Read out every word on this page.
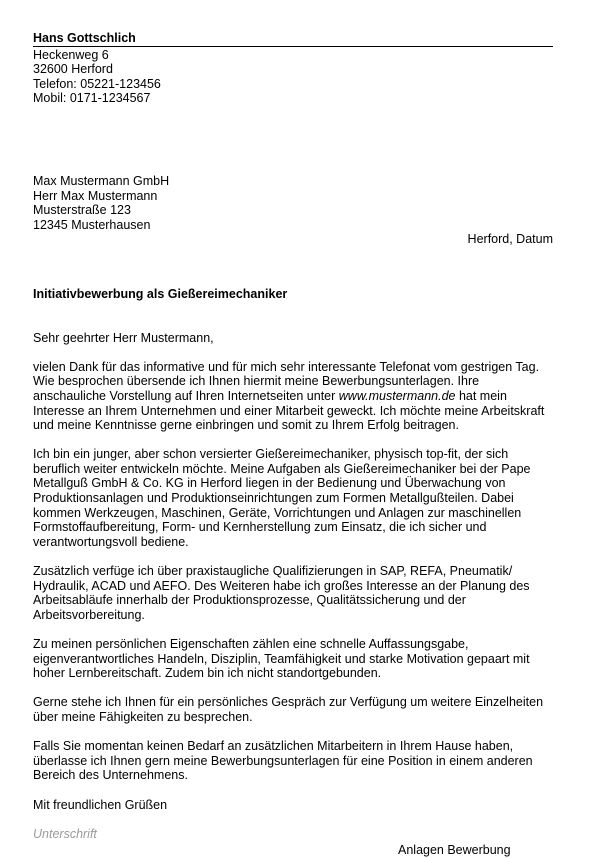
Hans Gottschlich
Heckenweg 6
32600 Herford
Telefon: 05221-123456
Mobil: 0171-1234567
Max Mustermann GmbH
Herr Max Mustermann
Musterstraße 123
12345 Musterhausen
Herford, Datum
Initiativbewerbung als Gießereimechaniker
Sehr geehrter Herr Mustermann,

vielen Dank für das informative und für mich sehr interessante Telefonat vom gestrigen Tag. Wie besprochen übersende ich Ihnen hiermit meine Bewerbungsunterlagen. Ihre anschauliche Vorstellung auf Ihren Internetseiten unter www.mustermann.de hat mein Interesse an Ihrem Unternehmen und einer Mitarbeit geweckt. Ich möchte meine Arbeitskraft und meine Kenntnisse gerne einbringen und somit zu Ihrem Erfolg beitragen.

Ich bin ein junger, aber schon versierter Gießereimechaniker, physisch top-fit, der sich beruflich weiter entwickeln möchte. Meine Aufgaben als Gießereimechaniker bei der Pape Metallguß GmbH & Co. KG in Herford liegen in der Bedienung und Überwachung von Produktionsanlagen und Produktionseinrichtungen zum Formen Metallgußteilen. Dabei kommen Werkzeugen, Maschinen, Geräte, Vorrichtungen und Anlagen zur maschinellen Formstoffaufbereitung, Form- und Kernherstellung zum Einsatz, die ich sicher und verantwortungsvoll bediene.

Zusätzlich verfüge ich über praxistaugliche Qualifizierungen in SAP, REFA, Pneumatik/ Hydraulik, ACAD und AEFO. Des Weiteren habe ich großes Interesse an der Planung des Arbeitsabläufe innerhalb der Produktionsprozesse, Qualitätssicherung und der Arbeitsvorbereitung.

Zu meinen persönlichen Eigenschaften zählen eine schnelle Auffassungsgabe, eigenverantwortliches Handeln, Disziplin, Teamfähigkeit und starke Motivation gepaart mit hoher Lernbereitschaft. Zudem bin ich nicht standortgebunden.

Gerne stehe ich Ihnen für ein persönliches Gespräch zur Verfügung um weitere Einzelheiten über meine Fähigkeiten zu besprechen.

Falls Sie momentan keinen Bedarf an zusätzlichen Mitarbeitern in Ihrem Hause haben, überlasse ich Ihnen gern meine Bewerbungsunterlagen für eine Position in einem anderen Bereich des Unternehmens.

Mit freundlichen Grüßen
Unterschrift
Anlagen Bewerbung
